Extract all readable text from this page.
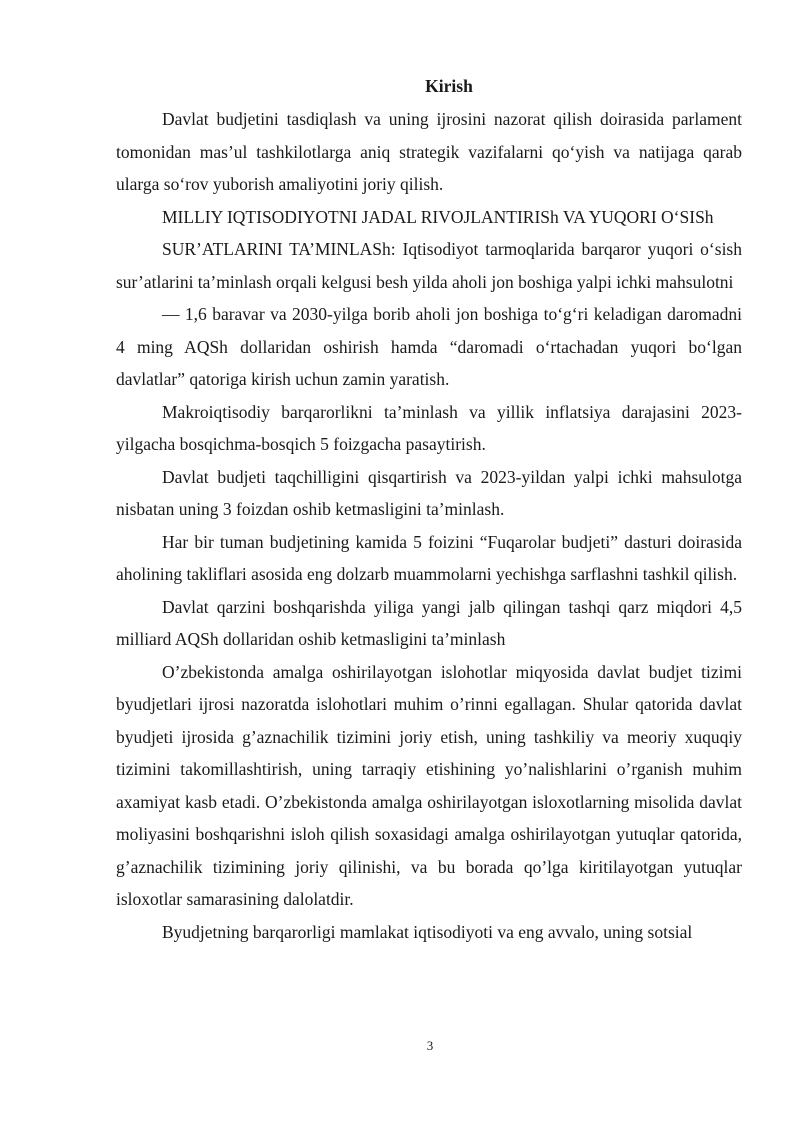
Kirish

Davlat budjetini tasdiqlash va uning ijrosini nazorat qilish doirasida parlament tomonidan mas’ul tashkilotlarga aniq strategik vazifalarni qo‘yish va natijaga qarab ularga so‘rov yuborish amaliyotini joriy qilish.

MILLIY IQTISODIYOTNI JADAL RIVOJLANTIRISh VA YUQORI O‘SISh

SUR’ATLARINI TA’MINLASh: Iqtisodiyot tarmoqlarida barqaror yuqori o‘sish sur’atlarini ta’minlash orqali kelgusi besh yilda aholi jon boshiga yalpi ichki mahsulotni

— 1,6 baravar va 2030-yilga borib aholi jon boshiga to‘g‘ri keladigan daromadni 4 ming AQSh dollaridan oshirish hamda “daromadi o‘rtachadan yuqori bo‘lgan davlatlar” qatoriga kirish uchun zamin yaratish.

Makroiqtisodiy barqarorlikni ta’minlash va yillik inflatsiya darajasini 2023-yilgacha bosqichma-bosqich 5 foizgacha pasaytirish.

Davlat budjeti taqchilligini qisqartirish va 2023-yildan yalpi ichki mahsulotga nisbatan uning 3 foizdan oshib ketmasligini ta’minlash.

Har bir tuman budjetining kamida 5 foizini “Fuqarolar budjeti” dasturi doirasida aholining takliflari asosida eng dolzarb muammolarni yechishga sarflashni tashkil qilish.

Davlat qarzini boshqarishda yiliga yangi jalb qilingan tashqi qarz miqdori 4,5 milliard AQSh dollaridan oshib ketmasligini ta’minlash

O’zbekistonda amalga oshirilayotgan islohotlar miqyosida davlat budjet tizimi byudjetlari ijrosi nazoratda islohotlari muhim o’rinni egallagan. Shular qatorida davlat byudjeti ijrosida g’aznachilik tizimini joriy etish, uning tashkiliy va meoriy xuquqiy tizimini takomillashtirish, uning tarraqiy etishining yo’nalishlarini o’rganish muhim axamiyat kasb etadi. O’zbekistonda amalga oshirilayotgan isloxotlarning misolida davlat moliyasini boshqarishni isloh qilish soxasidagi amalga oshirilayotgan yutuqlar qatorida, g’aznachilik tizimining joriy qilinishi, va bu borada qo’lga kiritilayotgan yutuqlar isloxotlar samarasining dalolatdir.

Byudjetning barqarorligi mamlakat iqtisodiyoti va eng avvalo, uning sotsial

3
